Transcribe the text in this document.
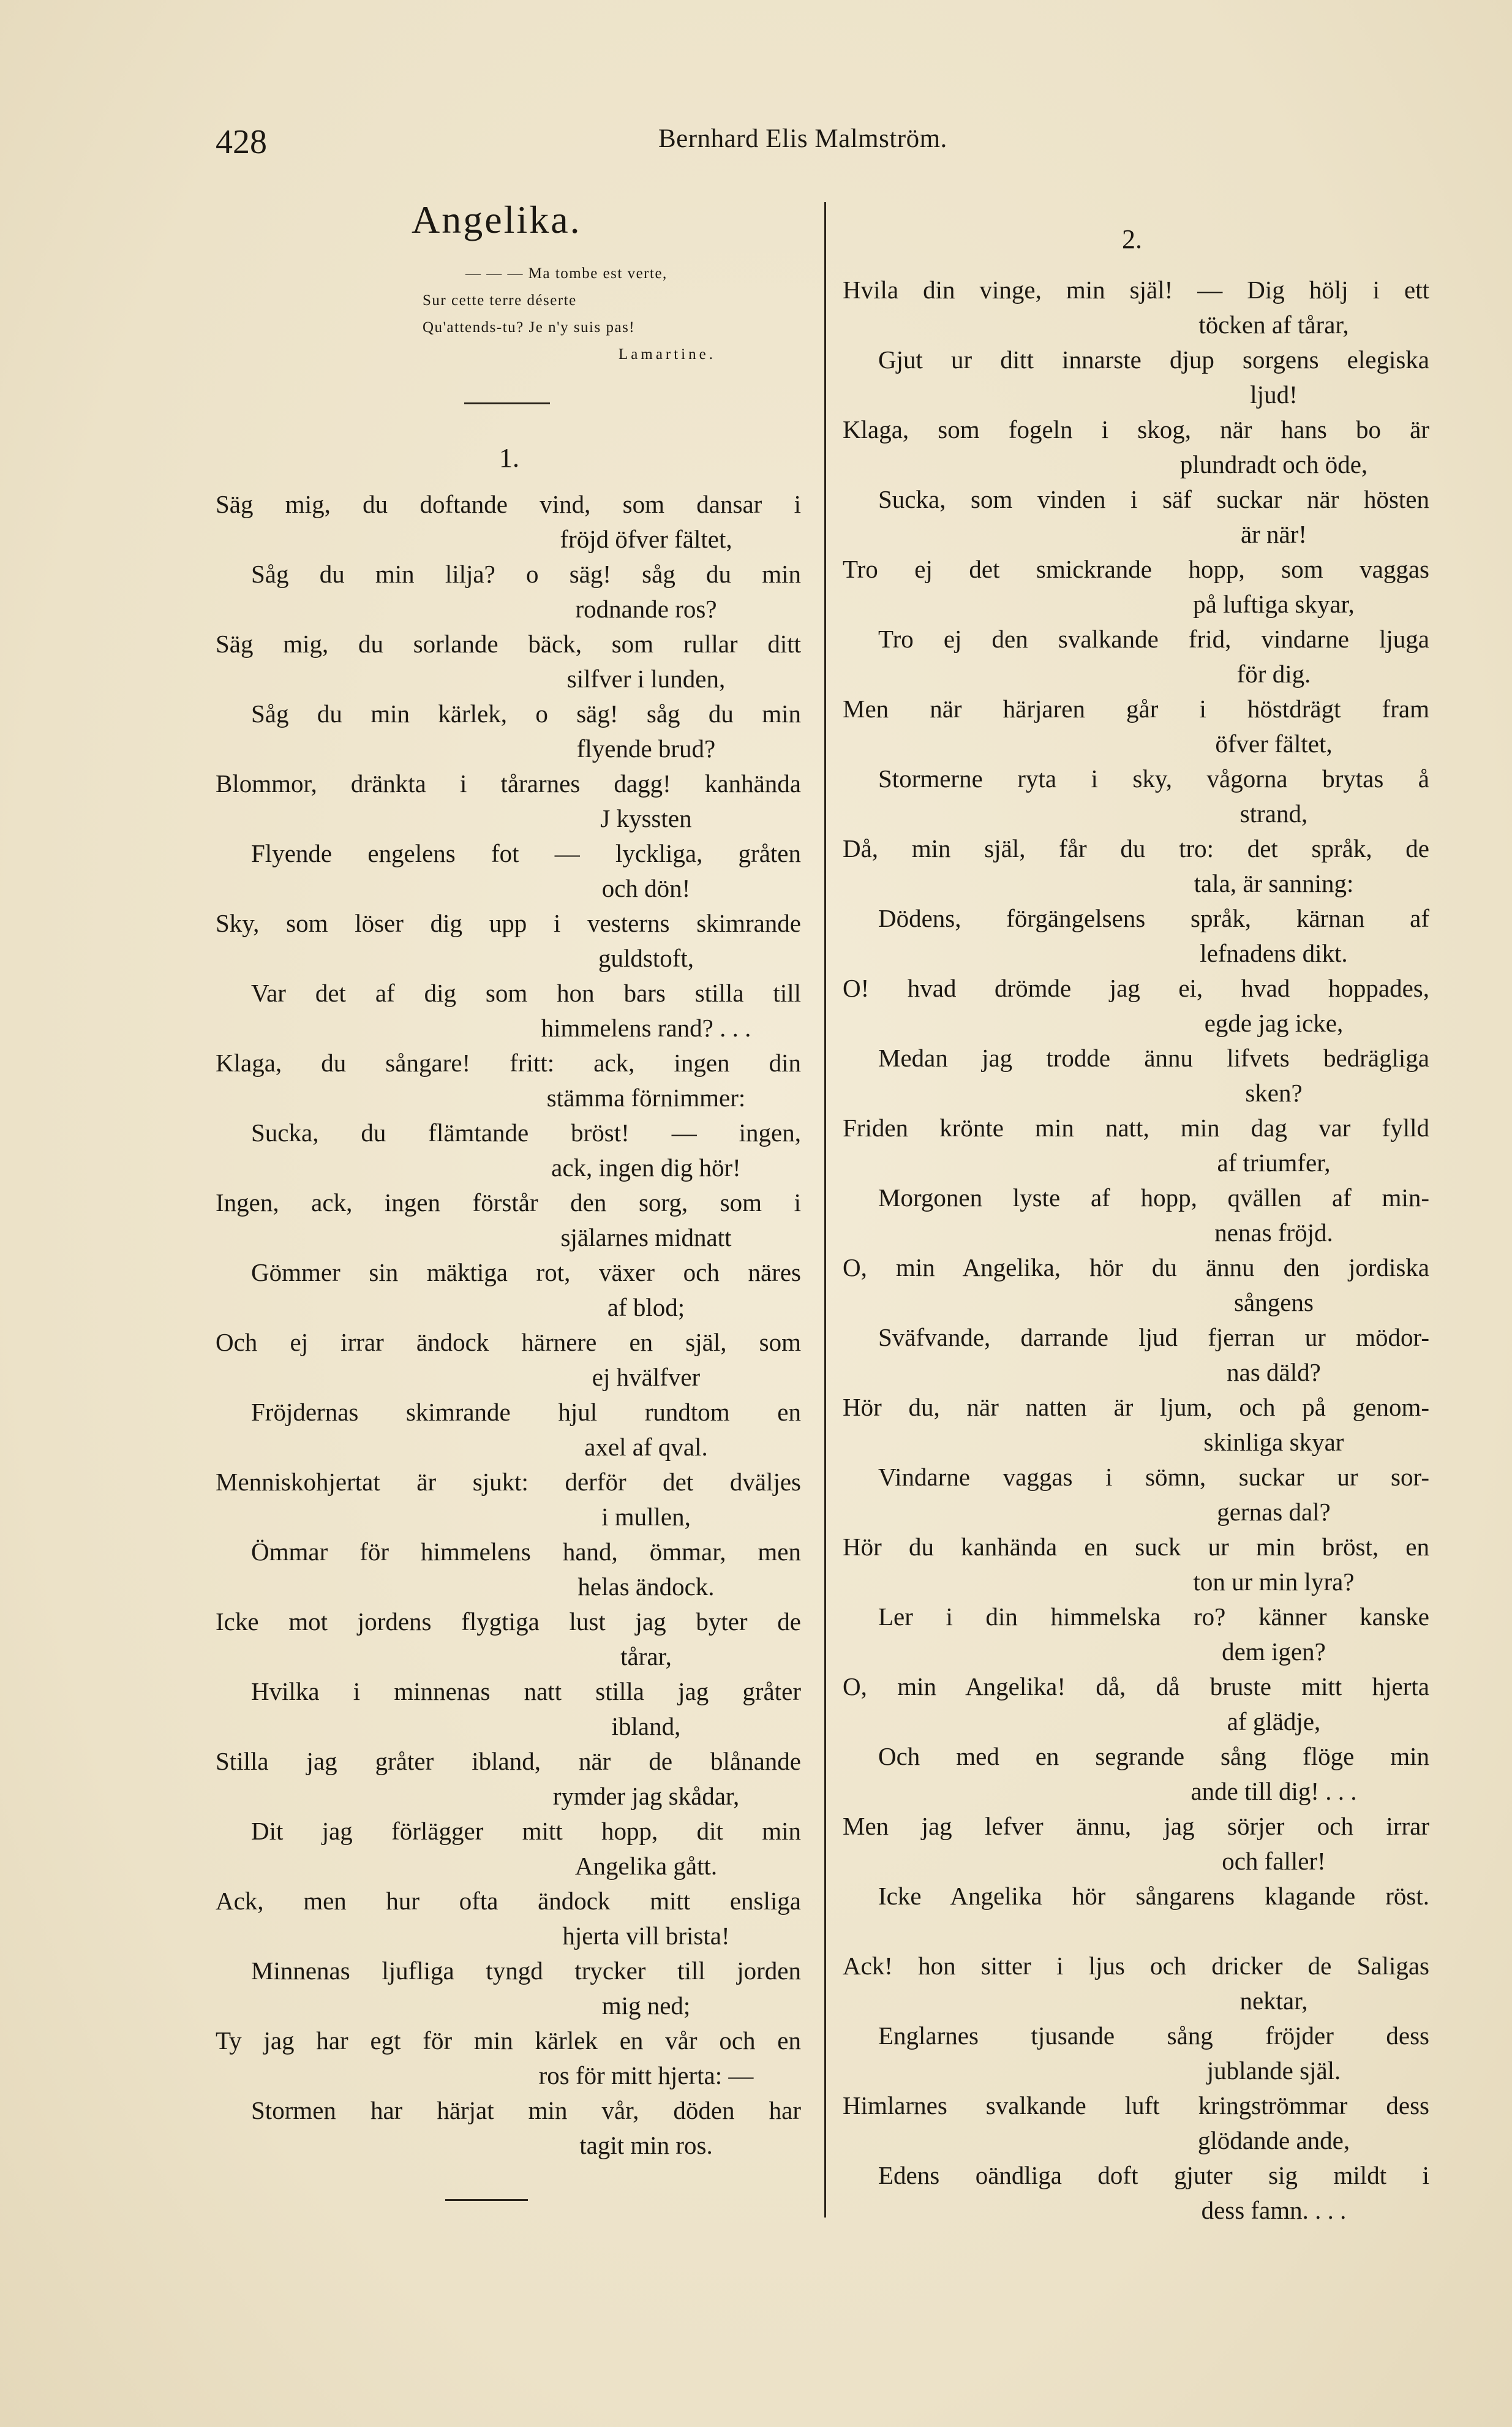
428	Bernhard Elis Malmström.
Angelika.
— — — Ma tombe est verte,
Sur cette terre déserte
Qu'attends-tu? Je n'y suis pas!
Lamartine.
1.
Säg mig, du doftande vind, som dansar i
fröjd öfver fältet,
Såg du min lilja? o säg! såg du min
rodnande ros?
Säg mig, du sorlande bäck, som rullar ditt
silfver i lunden,
Såg du min kärlek, o säg! såg du min
flyende brud?
Blommor, dränkta i tårarnes dagg! kanhända
J kyssten
Flyende engelens fot — lyckliga, gråten
och dön!
Sky, som löser dig upp i vesterns skimrande
guldstoft,
Var det af dig som hon bars stilla till
himmelens rand? . . .
Klaga, du sångare! fritt: ack, ingen din
stämma förnimmer:
Sucka, du flämtande bröst! — ingen,
ack, ingen dig hör!
Ingen, ack, ingen förstår den sorg, som i
själarnes midnatt
Gömmer sin mäktiga rot, växer och näres
af blod;
Och ej irrar ändock härnere en själ, som
ej hvälfver
Fröjdernas skimrande hjul rundtom en
axel af qval.
Menniskohjertat är sjukt: derför det dväljes
i mullen,
Ömmar för himmelens hand, ömmar, men
helas ändock.
Icke mot jordens flygtiga lust jag byter de
tårar,
Hvilka i minnenas natt stilla jag gråter
ibland,
Stilla jag gråter ibland, när de blånande
rymder jag skådar,
Dit jag förlägger mitt hopp, dit min
Angelika gått.
Ack, men hur ofta ändock mitt ensliga
hjerta vill brista!
Minnenas ljufliga tyngd trycker till jorden
mig ned;
Ty jag har egt för min kärlek en vår och en
ros för mitt hjerta: —
Stormen har härjat min vår, döden har
tagit min ros.
2.
Hvila din vinge, min själ! — Dig hölj i ett
töcken af tårar,
Gjut ur ditt innarste djup sorgens elegiska
ljud!
Klaga, som fogeln i skog, när hans bo är
plundradt och öde,
Sucka, som vinden i säf suckar när hösten
är när!
Tro ej det smickrande hopp, som vaggas
på luftiga skyar,
Tro ej den svalkande frid, vindarne ljuga
för dig.
Men när härjaren går i höstdrägt fram
öfver fältet,
Stormerne ryta i sky, vågorna brytas å
strand,
Då, min själ, får du tro: det språk, de
tala, är sanning:
Dödens, förgängelsens språk, kärnan af
lefnadens dikt.
O! hvad drömde jag ei, hvad hoppades,
egde jag icke,
Medan jag trodde ännu lifvets bedrägliga
sken?
Friden krönte min natt, min dag var fylld
af triumfer,
Morgonen lyste af hopp, qvällen af min-
nenas fröjd.
O, min Angelika, hör du ännu den jordiska
sångens
Sväfvande, darrande ljud fjerran ur mödor-
nas däld?
Hör du, när natten är ljum, och på genom-
skinliga skyar
Vindarne vaggas i sömn, suckar ur sor-
gernas dal?
Hör du kanhända en suck ur min bröst, en
ton ur min lyra?
Ler i din himmelska ro? känner kanske
dem igen?
O, min Angelika! då, då bruste mitt hjerta
af glädje,
Och med en segrande sång flöge min
ande till dig! . . .
Men jag lefver ännu, jag sörjer och irrar
och faller!
Icke Angelika hör sångarens klagande röst.
Ack! hon sitter i ljus och dricker de Saligas
nektar,
Englarnes tjusande sång fröjder dess
jublande själ.
Himlarnes svalkande luft kringströmmar dess
glödande ande,
Edens oändliga doft gjuter sig mildt i
dess famn. . . .
